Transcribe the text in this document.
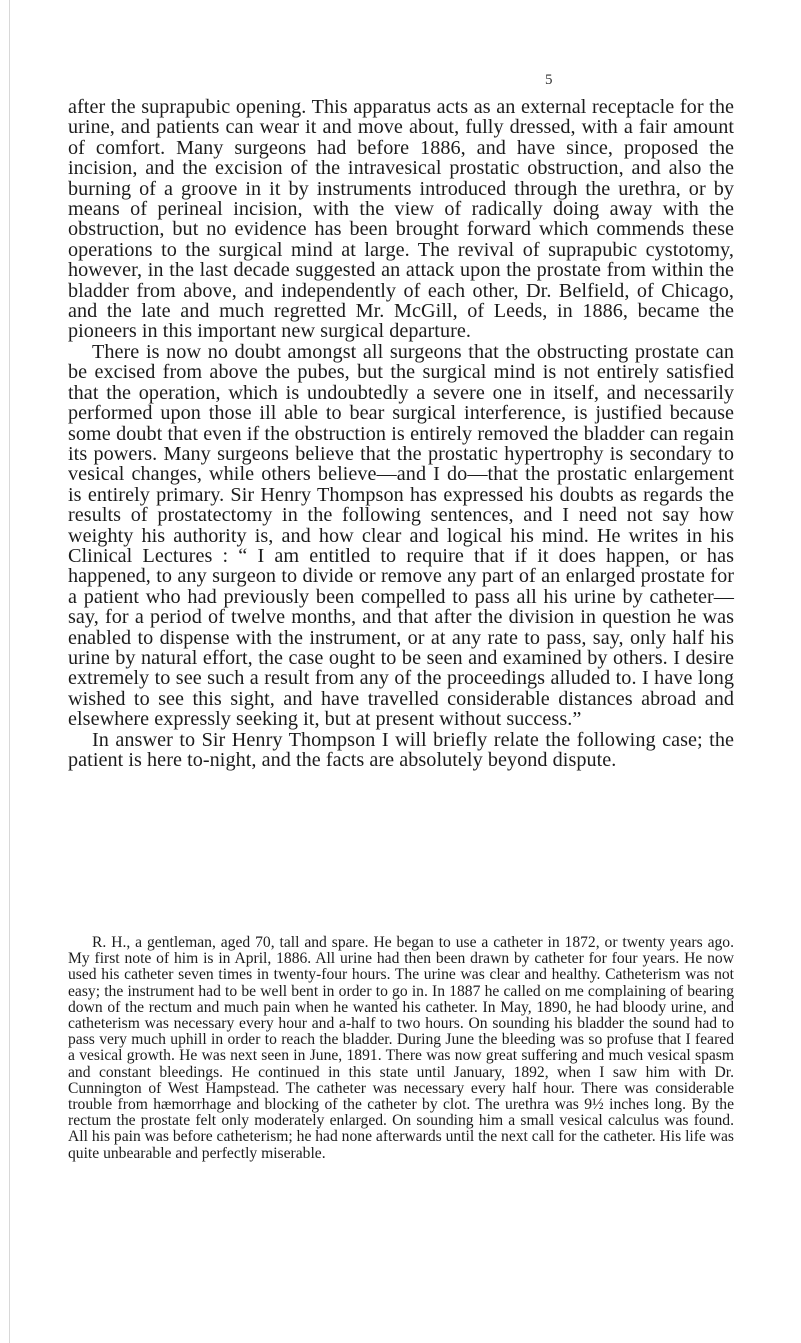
5

after the suprapubic opening. This apparatus acts as an external receptacle for the urine, and patients can wear it and move about, fully dressed, with a fair amount of comfort. Many surgeons had before 1886, and have since, proposed the incision, and the excision of the intravesical prostatic obstruction, and also the burning of a groove in it by instruments introduced through the urethra, or by means of perineal incision, with the view of radically doing away with the obstruction, but no evidence has been brought forward which commends these operations to the surgical mind at large. The revival of suprapubic cystotomy, however, in the last decade suggested an attack upon the prostate from within the bladder from above, and independently of each other, Dr. Belfield, of Chicago, and the late and much regretted Mr. McGill, of Leeds, in 1886, became the pioneers in this important new surgical departure.

There is now no doubt amongst all surgeons that the obstructing prostate can be excised from above the pubes, but the surgical mind is not entirely satisfied that the operation, which is undoubtedly a severe one in itself, and necessarily performed upon those ill able to bear surgical interference, is justified because some doubt that even if the obstruction is entirely removed the bladder can regain its powers. Many surgeons believe that the prostatic hypertrophy is secondary to vesical changes, while others believe—and I do—that the prostatic enlargement is entirely primary. Sir Henry Thompson has expressed his doubts as regards the results of prostatectomy in the following sentences, and I need not say how weighty his authority is, and how clear and logical his mind. He writes in his Clinical Lectures : “ I am entitled to require that if it does happen, or has happened, to any surgeon to divide or remove any part of an enlarged prostate for a patient who had previously been compelled to pass all his urine by catheter—say, for a period of twelve months, and that after the division in question he was enabled to dispense with the instrument, or at any rate to pass, say, only half his urine by natural effort, the case ought to be seen and examined by others. I desire extremely to see such a result from any of the proceedings alluded to. I have long wished to see this sight, and have travelled considerable distances abroad and elsewhere expressly seeking it, but at present without success.”

In answer to Sir Henry Thompson I will briefly relate the following case; the patient is here to-night, and the facts are absolutely beyond dispute.

R. H., a gentleman, aged 70, tall and spare. He began to use a catheter in 1872, or twenty years ago. My first note of him is in April, 1886. All urine had then been drawn by catheter for four years. He now used his catheter seven times in twenty-four hours. The urine was clear and healthy. Catheterism was not easy; the instrument had to be well bent in order to go in. In 1887 he called on me complaining of bearing down of the rectum and much pain when he wanted his catheter. In May, 1890, he had bloody urine, and catheterism was necessary every hour and a-half to two hours. On sounding his bladder the sound had to pass very much uphill in order to reach the bladder. During June the bleeding was so profuse that I feared a vesical growth. He was next seen in June, 1891. There was now great suffering and much vesical spasm and constant bleedings. He continued in this state until January, 1892, when I saw him with Dr. Cunnington of West Hampstead. The catheter was necessary every half hour. There was considerable trouble from hæmorrhage and blocking of the catheter by clot. The urethra was 9½ inches long. By the rectum the prostate felt only moderately enlarged. On sounding him a small vesical calculus was found. All his pain was before catheterism; he had none afterwards until the next call for the catheter. His life was quite unbearable and perfectly miserable.
